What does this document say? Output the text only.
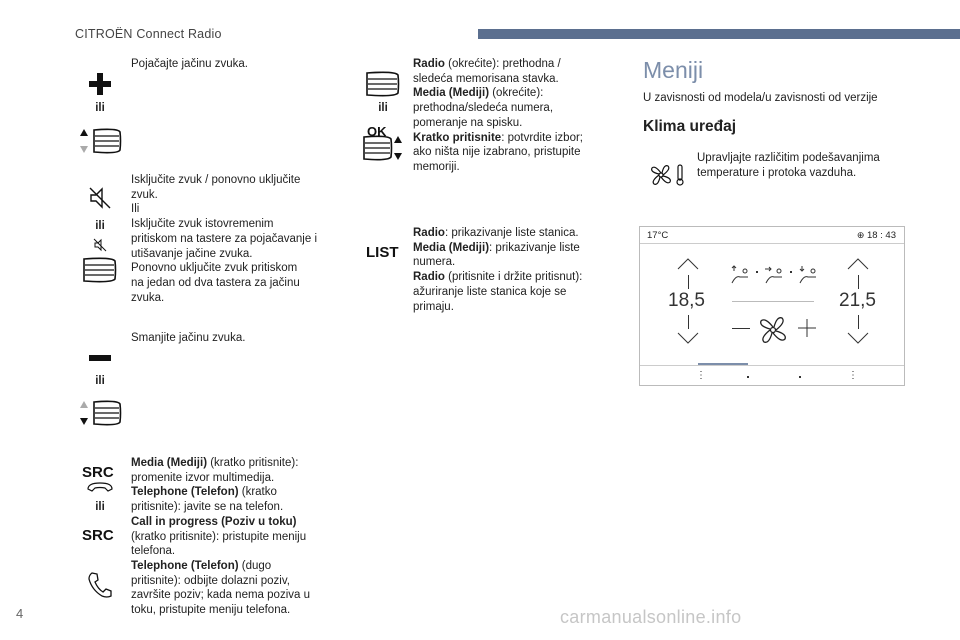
CITROËN Connect Radio
ili
Pojačajte jačinu zvuka.
ili
Isključite zvuk / ponovno uključite
zvuk.
Ili
Isključite zvuk istovremenim
pritiskom na tastere za pojačavanje i
utišavanje jačine zvuka.
Ponovno uključite zvuk pritiskom
na jedan od dva tastera za jačinu
zvuka.
ili
Smanjite jačinu zvuka.
SRC
ili
SRC
Media (Mediji) (kratko pritisnite):
promenite izvor multimedija.
Telephone (Telefon) (kratko
pritisnite): javite se na telefon.
Call in progress (Poziv u toku)
(kratko pritisnite): pristupite meniju
telefona.
Telephone (Telefon) (dugo
pritisnite): odbijte dolazni poziv,
završite poziv; kada nema poziva u
toku, pristupite meniju telefona.
ili
OK
Radio (okrećite): prethodna /
sledeća memorisana stavka.
Media (Mediji) (okrećite):
prethodna/sledeća numera,
pomeranje na spisku.
Kratko pritisnite: potvrdite izbor;
ako ništa nije izabrano, pristupite
memoriji.
LIST
Radio: prikazivanje liste stanica.
Media (Mediji): prikazivanje liste
numera.
Radio (pritisnite i držite pritisnut):
ažuriranje liste stanica koje se
primaju.
Meniji
U zavisnosti od modela/u zavisnosti od verzije
Klima uređaj
Upravljajte različitim podešavanjima
temperature i protoka vazduha.
17°C	⊕ 18 : 43
18,5	21,5
⋮	⋮
4	carmanualsonline.info
